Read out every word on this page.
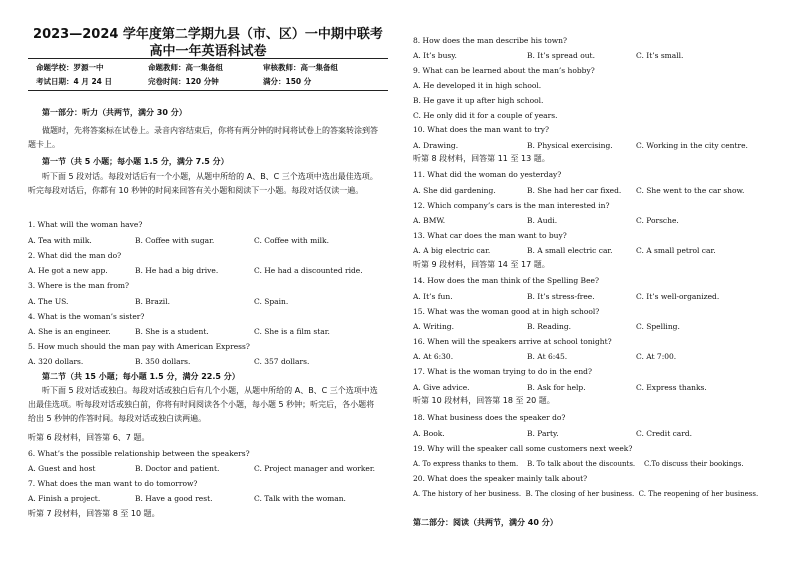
2023—2024 学年度第二学期九县（市、区）一中期中联考
高中一年英语科试卷
命题学校：罗源一中	命题教师：高一集备组	审核教师：高一集备组
考试日期：4 月 24 日	完卷时间：120 分钟	满分：150 分
第一部分：听力（共两节，满分 30 分）
做题时，先将答案标在试卷上。录音内容结束后，你将有两分钟的时间将试卷上的答案转涂到答题卡上。
第一节（共 5 小题；每小题 1.5 分，满分 7.5 分）
听下面 5 段对话。每段对话后有一个小题，从题中所给的 A、B、C 三个选项中选出最佳选项。听完每段对话后，你都有 10 秒钟的时间来回答有关小题和阅读下一小题。每段对话仅读一遍。
1. What will the woman have?
A. Tea with milk.	B. Coffee with sugar.	C. Coffee with milk.
2. What did the man do?
A. He got a new app.	B. He had a big drive.	C. He had a discounted ride.
3. Where is the man from?
A. The US.	B. Brazil.	C. Spain.
4. What is the woman’s sister?
A. She is an engineer.	B. She is a student.	C. She is a film star.
5. How much should the man pay with American Express?
A. 320 dollars.	B. 350 dollars.	C. 357 dollars.
第二节（共 15 小题；每小题 1.5 分，满分 22.5 分）
听下面 5 段对话或独白。每段对话或独白后有几个小题，从题中所给的 A、B、C 三个选项中选出最佳选项。听每段对话或独白前，你将有时间阅读各个小题，每小题 5 秒钟；听完后，各小题将给出 5 秒钟的作答时间。每段对话或独白读两遍。
听第 6 段材料，回答第 6、7 题。
6. What’s the possible relationship between the speakers?
A. Guest and host	B. Doctor and patient.	C. Project manager and worker.
7. What does the man want to do tomorrow?
A. Finish a project.	B. Have a good rest.	C. Talk with the woman.
听第 7 段材料，回答第 8 至 10 题。
8. How does the man describe his town?
A. It’s busy.	B. It’s spread out.	C. It’s small.
9. What can be learned about the man’s hobby?
A. He developed it in high school.
B. He gave it up after high school.
C. He only did it for a couple of years.
10. What does the man want to try?
A. Drawing.	B. Physical exercising.	C. Working in the city centre.
听第 8 段材料，回答第 11 至 13 题。
11. What did the woman do yesterday?
A. She did gardening.	B. She had her car fixed. C. She went to the car show.
12. Which company’s cars is the man interested in?
A. BMW.	B. Audi.	C. Porsche.
13. What car does the man want to buy?
A. A big electric car.	B. A small electric car.	C. A small petrol car.
听第 9 段材料，回答第 14 至 17 题。
14. How does the man think of the Spelling Bee?
A. It’s fun.	B. It’s stress-free.	C. It’s well-organized.
15. What was the woman good at in high school?
A. Writing.	B. Reading.	C. Spelling.
16. When will the speakers arrive at school tonight?
A. At 6:30.	B. At 6:45.	C. At 7:00.
17. What is the woman trying to do in the end?
A. Give advice.	B. Ask for help.	C. Express thanks.
听第 10 段材料，回答第 18 至 20 题。
18. What business does the speaker do?
A. Book.	B. Party.	C. Credit card.
19. Why will the speaker call some customers next week?
A. To express thanks to them.    B. To talk about the discounts.    C.To discuss their bookings.
20. What does the speaker mainly talk about?
A. The history of her business.  B. The closing of her business.  C. The reopening of her business.
第二部分：阅读（共两节，满分 40 分）
